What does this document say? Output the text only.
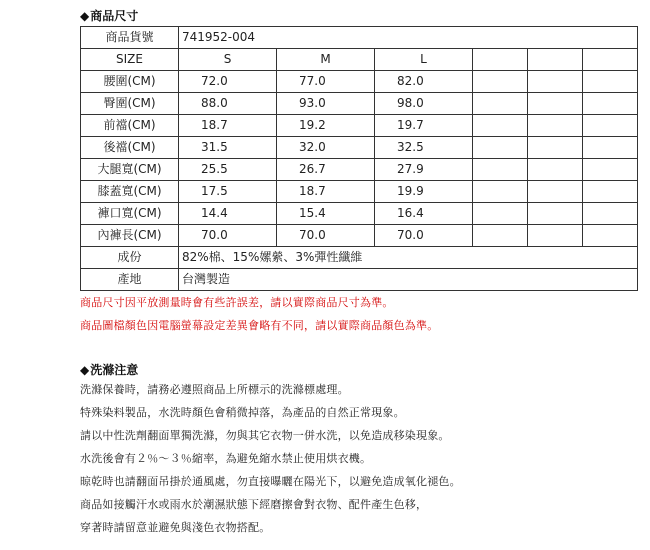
◆商品尺寸
商品貨號	741952-004					
SIZE	S	M	L			
腰圍(CM)	72.0	77.0	82.0			
臀圍(CM)	88.0	93.0	98.0			
前襠(CM)	18.7	19.2	19.7			
後襠(CM)	31.5	32.0	32.5			
大腿寬(CM)	25.5	26.7	27.9			
膝蓋寬(CM)	17.5	18.7	19.9			
褲口寬(CM)	14.4	15.4	16.4			
內褲長(CM)	70.0	70.0	70.0			
成份	82%棉、15%嫘縈、3%彈性纖維					
產地	台灣製造					
商品尺寸因平放測量時會有些許誤差，請以實際商品尺寸為準。
商品圖檔顏色因電腦螢幕設定差異會略有不同，請以實際商品顏色為準。
◆洗滌注意
洗滌保養時，請務必遵照商品上所標示的洗滌標處理。
特殊染料製品，水洗時顏色會稍微掉落，為產品的自然正常現象。
請以中性洗劑翻面單獨洗滌，勿與其它衣物一併水洗，以免造成移染現象。
水洗後會有２％～３％縮率，為避免縮水禁止使用烘衣機。
晾乾時也請翻面吊掛於通風處，勿直接曝曬在陽光下，以避免造成氧化褪色。
商品如接觸汗水或雨水於潮濕狀態下經磨擦會對衣物、配件產生色移，
穿著時請留意並避免與淺色衣物搭配。
